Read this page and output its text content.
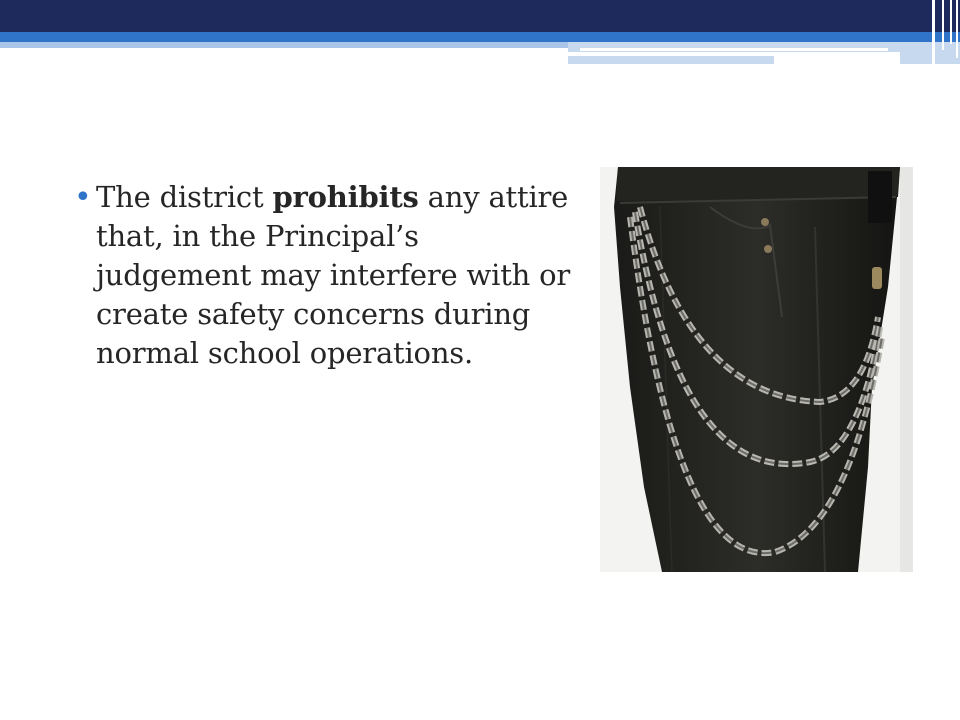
• The district prohibits any attire that, in the Principal’s judgement may interfere with or create safety concerns during normal school operations.
